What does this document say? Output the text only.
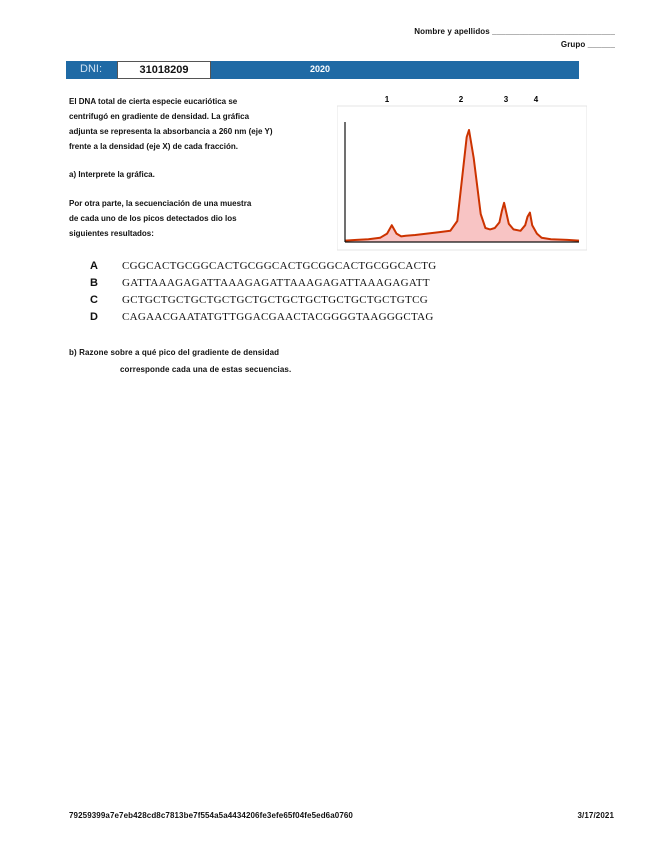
Nombre y apellidos ___________________________
Grupo ______
DNI:	31018209	2020
El DNA total de cierta especie eucariótica se
centrifugó en gradiente de densidad. La gráfica
adjunta se representa la absorbancia a 260 nm (eje Y)
frente a la densidad (eje X) de cada fracción.
a) Interprete la gráfica.
Por otra parte, la secuenciación de una muestra
de cada uno de los picos detectados dio los
siguientes resultados:
1	2	3	4
A CGGCACTGCGGCACTGCGGCACTGCGGCACTGCGGCACTG
B GATTAAAGAGATTAAAGAGATTAAAGAGATTAAAGAGATT
C GCTGCTGCTGCTGCTGCTGCTGCTGCTGCTGCTGCTGTCG
D CAGAACGAATATGTTGGACGAACTACGGGGTAAGGGCTAG
b) Razone sobre a qué pico del gradiente de densidad
corresponde cada una de estas secuencias.
79259399a7e7eb428cd8c7813be7f554a5a4434206fe3efe65f04fe5ed6a0760	3/17/2021
